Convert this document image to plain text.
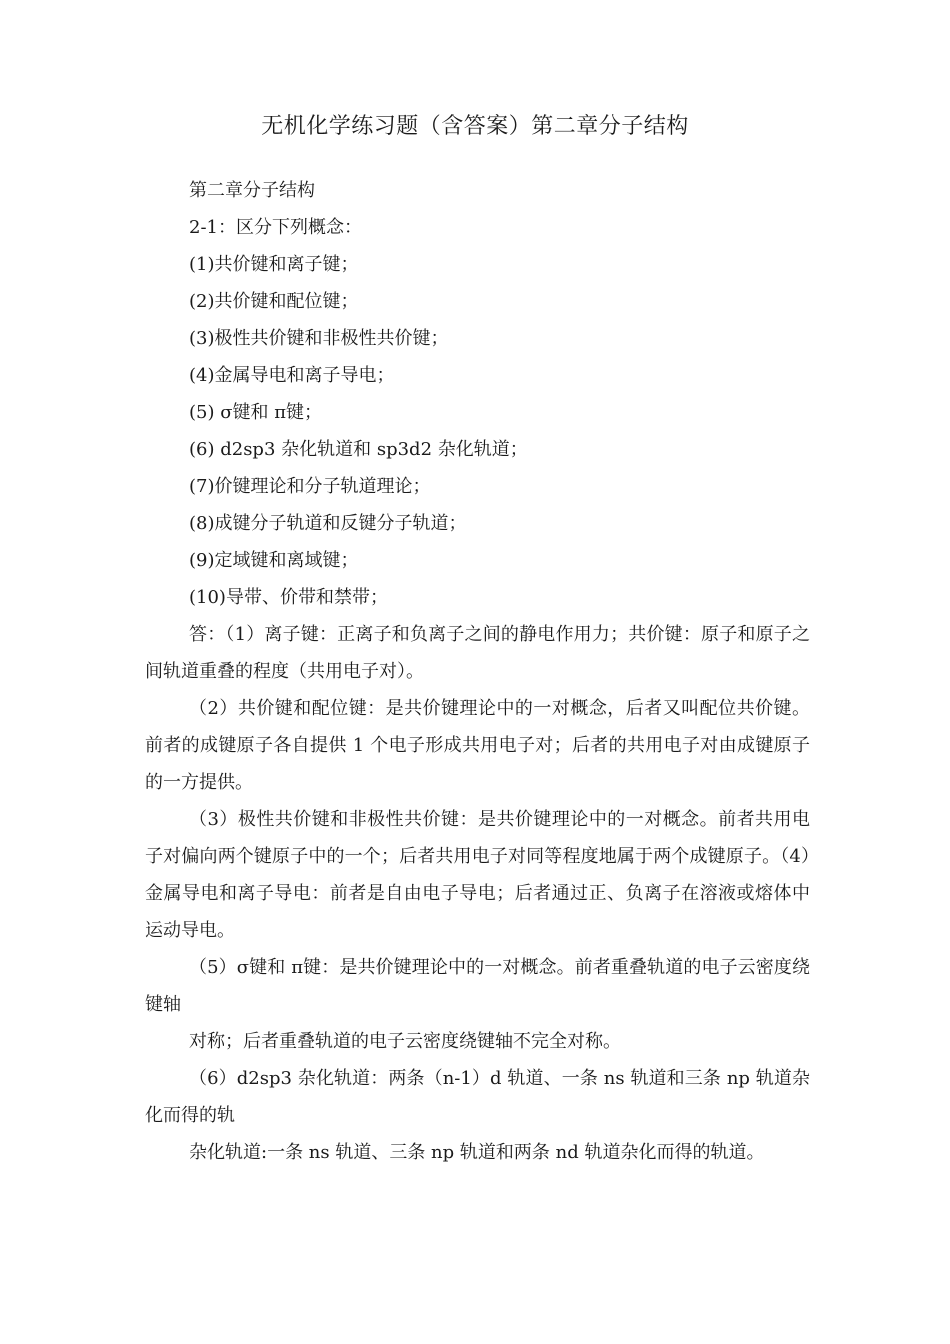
无机化学练习题（含答案）第二章分子结构

第二章分子结构

2-1：区分下列概念：

(1)共价键和离子键；

(2)共价键和配位键；

(3)极性共价键和非极性共价键；

(4)金属导电和离子导电；

(5) σ键和 π键；

(6) d2sp3 杂化轨道和 sp3d2 杂化轨道；

(7)价键理论和分子轨道理论；

(8)成键分子轨道和反键分子轨道；

(9)定域键和离域键；

(10)导带、价带和禁带；

答：（1）离子键：正离子和负离子之间的静电作用力；共价键：原子和原子之间轨道重叠的程度（共用电子对）。

（2）共价键和配位键：是共价键理论中的一对概念，后者又叫配位共价键。前者的成键原子各自提供 1 个电子形成共用电子对；后者的共用电子对由成键原子的一方提供。

（3）极性共价键和非极性共价键：是共价键理论中的一对概念。前者共用电子对偏向两个键原子中的一个；后者共用电子对同等程度地属于两个成键原子。（4）金属导电和离子导电：前者是自由电子导电；后者通过正、负离子在溶液或熔体中运动导电。

（5）σ键和 π键：是共价键理论中的一对概念。前者重叠轨道的电子云密度绕键轴

对称；后者重叠轨道的电子云密度绕键轴不完全对称。

（6）d2sp3 杂化轨道：两条（n-1）d 轨道、一条 ns 轨道和三条 np 轨道杂化而得的轨

杂化轨道:一条 ns 轨道、三条 np 轨道和两条 nd 轨道杂化而得的轨道。
